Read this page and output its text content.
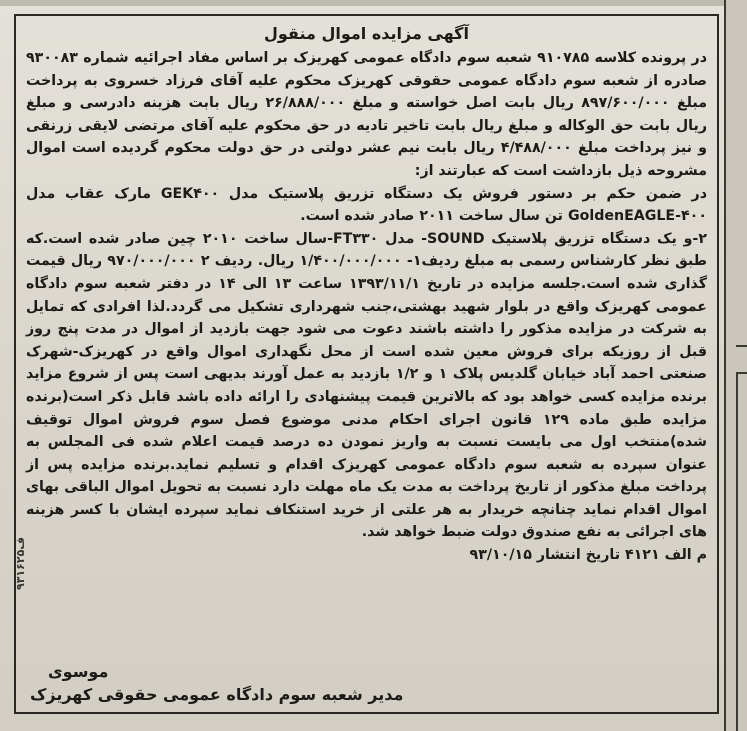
آگهی مزایده اموال منقول

در پرونده کلاسه ۹۱۰۷۸۵ شعبه سوم دادگاه عمومی کهریزک بر اساس مفاد اجرائیه شماره ۹۳۰۰۸۳ صادره از شعبه سوم دادگاه عمومی حقوقی کهریزک محکوم علیه آقای فرزاد خسروی به پرداخت مبلغ ۸۹۷/۶۰۰/۰۰۰ ریال بابت اصل خواسته و مبلغ ۲۶/۸۸۸/۰۰۰ ریال بابت هزینه دادرسی و مبلغ ریال بابت حق الوکاله و مبلغ ریال بابت تاخیر تادیه در حق محکوم علیه آقای مرتضی لایقی زرنقی و نیز پرداخت مبلغ ۴/۴۸۸/۰۰۰ ریال بابت نیم عشر دولتی در حق دولت محکوم گردیده است اموال مشروحه ذیل بازداشت است که عبارتند از:

در ضمن حکم بر دستور فروش یک دستگاه تزریق پلاستیک مدل GEK۴۰۰ مارک عقاب مدل GoldenEAGLE-۴۰۰ تن سال ساخت ۲۰۱۱ صادر شده است.

۲-و یک دستگاه تزریق پلاستیک SOUND- مدل FT۳۳۰-سال ساخت ۲۰۱۰ چین صادر شده است.که طبق نظر کارشناس رسمی به مبلغ ردیف۱- ۱/۴۰۰/۰۰۰/۰۰۰ ریال. ردیف ۲ ۹۷۰/۰۰۰/۰۰۰ ریال قیمت گذاری شده است.جلسه مزایده در تاریخ ۱۳۹۳/۱۱/۱ ساعت ۱۳ الی ۱۴ در دفتر شعبه سوم دادگاه عمومی کهریزک واقع در بلوار شهید بهشتی،جنب شهرداری تشکیل می گردد.لذا افرادی که تمایل به شرکت در مزایده مذکور را داشته باشند دعوت می شود جهت بازدید از اموال در مدت پنج روز قبل از روزیکه برای فروش معین شده است از محل نگهداری اموال واقع در کهریزک-شهرک صنعتی احمد آباد خیابان گلدیس پلاک ۱ و ۱/۲ بازدید به عمل آورند بدیهی است پس از شروع مزاید برنده مزایده کسی خواهد بود که بالاترین قیمت پیشنهادی را ارائه داده باشد قابل ذکر است(برنده مزایده طبق ماده ۱۲۹ قانون اجرای احکام مدنی موضوع فصل سوم فروش اموال توقیف شده)منتخب اول می بایست نسبت به واریز نمودن ده درصد قیمت اعلام شده فی المجلس به عنوان سپرده به شعبه سوم دادگاه عمومی کهریزک اقدام و تسلیم نماید.برنده مزایده پس از پرداخت مبلغ مذکور از تاریخ پرداخت به مدت یک ماه مهلت دارد نسبت به تحویل اموال الباقی بهای اموال اقدام نماید چنانچه خریدار به هر علتی از خرید استنکاف نماید سپرده ایشان با کسر هزینه های اجرائی به نفع صندوق دولت ضبط خواهد شد.

م الف ۴۱۲۱ تاریخ انتشار ۹۳/۱۰/۱۵

موسوی
مدیر شعبه سوم دادگاه عمومی حقوقی کهریزک
۹۳۱۶۲۵ف
